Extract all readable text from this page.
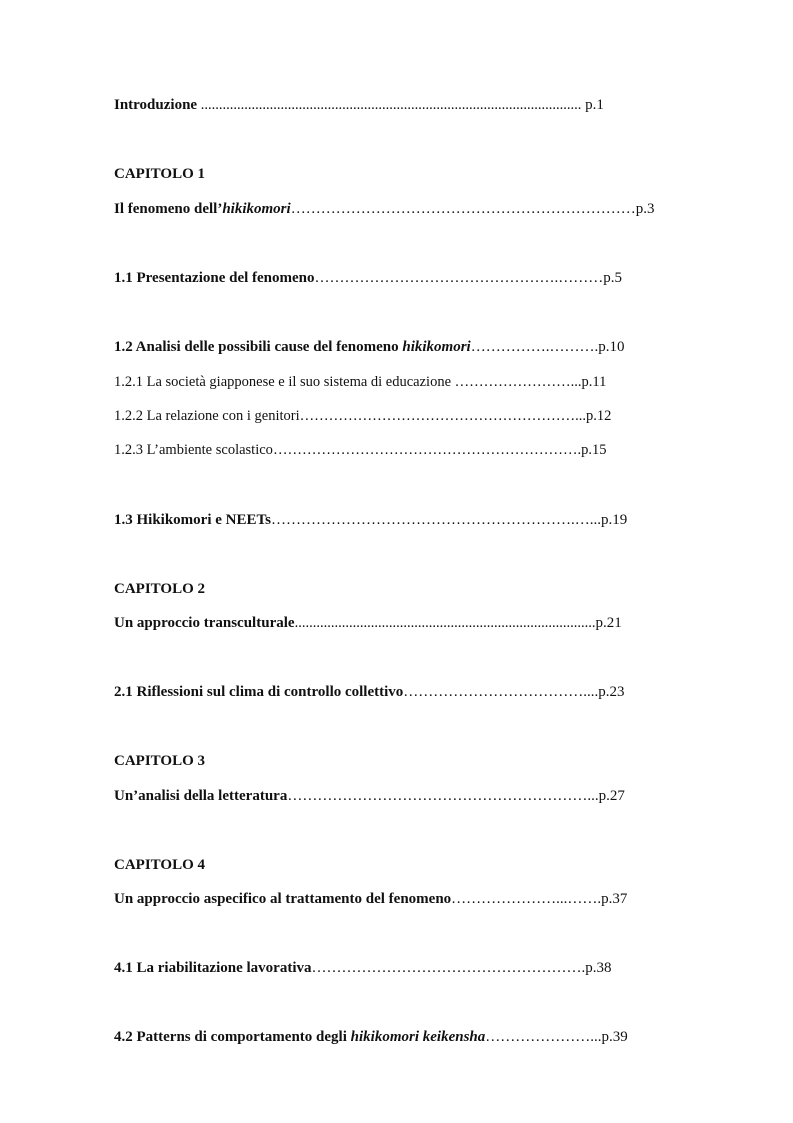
Introduzione ......................................................................................................... p.1
CAPITOLO 1
Il fenomeno dell’hikikomori……………………………………………………………p.3
1.1 Presentazione del fenomeno………………………………………….………p.5
1.2 Analisi delle possibili cause del fenomeno hikikomori…………….……….p.10
1.2.1 La società giapponese e il suo sistema di educazione ……………………...p.11
1.2.2 La relazione con i genitori…………………………………………………...p.12
1.2.3 L’ambiente scolastico……………………………………………………….p.15
1.3 Hikikomori e NEETs…………………………………………………….…...p.19
CAPITOLO 2
Un approccio transculturale...................................................................................p.21
2.1 Riflessioni sul clima di controllo collettivo………………………………....p.23
CAPITOLO 3
Un’analisi della letteratura……………………………………………………...p.27
CAPITOLO 4
Un approccio aspecifico al trattamento del fenomeno…………………...…….p.37
4.1 La riabilitazione lavorativa……………………………………………….p.38
4.2 Patterns di comportamento degli hikikomori keikensha…………………...p.39
